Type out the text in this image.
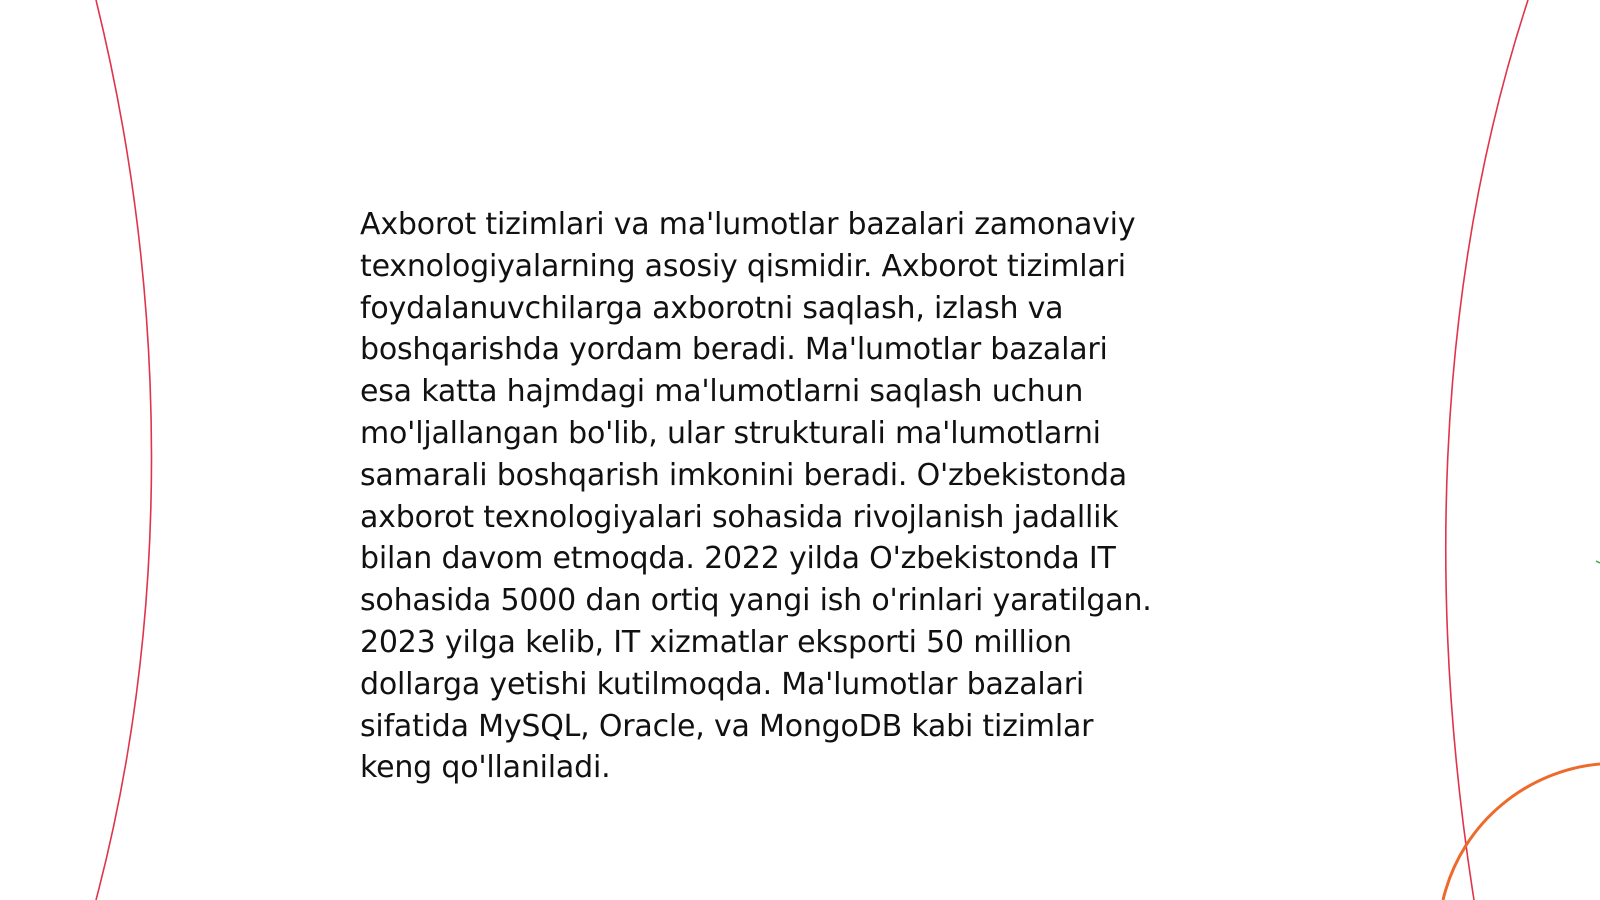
Axborot tizimlari va ma'lumotlar bazalari zamonaviy
texnologiyalarning asosiy qismidir. Axborot tizimlari
foydalanuvchilarga axborotni saqlash, izlash va
boshqarishda yordam beradi. Ma'lumotlar bazalari
esa katta hajmdagi ma'lumotlarni saqlash uchun
mo'ljallangan bo'lib, ular strukturali ma'lumotlarni
samarali boshqarish imkonini beradi. O'zbekistonda
axborot texnologiyalari sohasida rivojlanish jadallik
bilan davom etmoqda. 2022 yilda O'zbekistonda IT
sohasida 5000 dan ortiq yangi ish o'rinlari yaratilgan.
2023 yilga kelib, IT xizmatlar eksporti 50 million
dollarga yetishi kutilmoqda. Ma'lumotlar bazalari
sifatida MySQL, Oracle, va MongoDB kabi tizimlar
keng qo'llaniladi.
